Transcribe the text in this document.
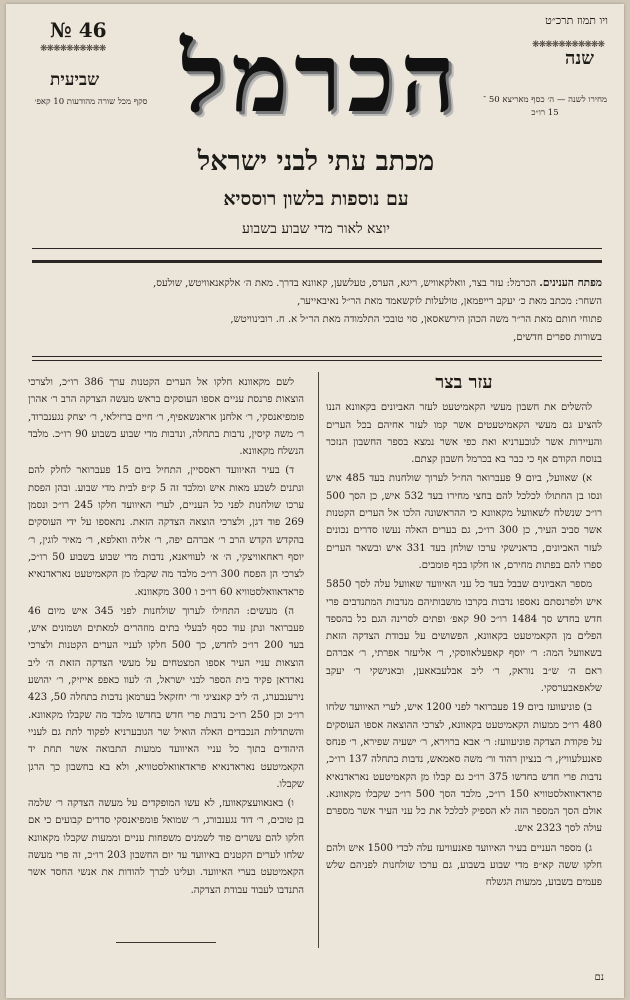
ויו תמוז תרכ״ט
№ 46
❋❋❋❋❋❋❋❋❋❋	❋❋❋❋❋❋❋❋❋❋❋
שנה
מחירו לשנה — ה׳ כסף מאריצא 50 ־ 15 רו״כ
שביעית
סקף מכל שורה מהודעות 10 קאפ׳ הכרמל
מכתב עתי לבני ישראל
עם נוספות בלשון רוססיא
יוצא לאור מדי שבוע בשבוע
מפתח הענינים. הכרמל: עזר בצר, וואלקאוויש, ריגא, הערס, טעלשען, קאוונא בדרך. מאת ה׳ אלקאנאוויטש, שולעס,
השחר: מכתב מאת כ׳ יעקב רייפמאן, טולעלות לוקשאמד מאת הר״ל נאיבאייער,
פתוחי חותם מאת הר״ר משה הכהן הירשאסאן, סוי טובכי התלמודה מאת הר״ל א. ח. רובינוויטש,
בשורות ספרים חדשים,
עזר בצר

להשלים את חשבון מעשי הקאמיטעט לעזר האביונים בקאוונא הננו להציע גם מעשי הקאמיטעטים אשר קמו לעזר אחיהם בכל הערים והעיירות אשר לגובערניא ואת כפי אשר נמצא בספר החשבון הנזכר בנוסח הקודם אף כי כבר בא בכרמל חשבון קצתם.

א) שאוועל, ביום 9 פעברואר הח״ל לערוך שולחנות בעד 485 איש ונסו בן החתולו לכלכל להם בחצי מחירו בעד 532 איש, כן הסך 500 רו״כ שנשלח לשאוועל מקאוונא כי ההראשונה הלכו אל הערים הקטנות אשר סביב העיר, כן 300 רו״כ, גם בערים האלה נעשו סדרים נכונים לעזר האביונים, בדאנישקי ערכו שולחן בעד 331 איש ובשאר הערים ספרו להם בפתות מחירם, או חלקו בכף פומבים.

מספר האביונים שבבל בעד כל עני האיוועד שאוועל עלה לסך 5850 איש ולפרנסתם נאספו נדבות בקרבו מושבותיהם מנדבות המתנדבים פרי חדש בחדש סך 1484 רו״כ 90 קאפ׳ ופתים לסרינה הגם כל בהספד הפלים מן הקאמיטעט בקאוונא, הפשושים על עבודת הצדקה הזאת בשאוועל המה: ר׳ יוסף קאפעלאווסקי, ר׳ אליעזר אפרתי, ר׳ אברהם ראם ה׳ ש״ב נוראק, ר׳ ליב אבלעבאאען, ובאנישקי ר׳ יעקב שלאפאבערסקי.

ב) פוניעוועז ביום 19 פעברואר לפני 1200 איש, לערי האיוועד שלחו 480 רו״כ ממעות הקאמיטעט בקאוונא, לצרכי ההוצאה אספו העוסקים על פקודת הצדקה פוניעוועז: ר׳ אבא ברוירא, ר׳ ישעיה שפירא, ר׳ פנחס פאנעלעוויץ, ר׳ בנציון רהוד ור׳ משה סאמאש, נדבות בתחלה 137 רו״כ, נדבות פרי חדש בחדשו 375 רו״כ גם קבלו מן הקאמיטעט נאראדנאיא פראדאוואלסטוויא 150 רו״כ, מלבד הסך 500 רו״כ שקבלו מקאוונא. אולם הסך המספר הזה לא הספיק לכלכל את כל עני העיר אשר מספרם עולה לסך 2323 איש.

ג) מספר העניים בעיר האיוועד פאנעוויעז עלה לכדי 1500 איש ולהם חלקו ששה קא״פ מדי שבוע בשבוע, גם ערכו שולחנות לפניהם שלש פעמים בשבוע, ממעות הגשלח

לשם מקאוונא חלקו אל הערים הקטנות ערך 386 רו״כ, ולצרכי הוצאות פרנסת עניים אספו העוסקים בראש מעשה הצדקה הרב ר׳ אהרן פומפיאנסקי, ר׳ אלחנן אראנשאפיף, ר׳ חיים ברזילאי, ר׳ יצחק נגענברוד, ר׳ משה קיסין, נדבות בתחלה, ונדבות מדי שבוע בשבוע 90 רו״כ. מלבד הנשלח מקאוונא.

ד) בעיר האיוועד ראססיין, התחיל ביום 15 פעברואר לחלק להם ונתנים לשבע מאות איש ומלבד זה 5 ק״פ לבית מדי שבוע. ובהן הפסת ערכו שולחנות לפני כל העניים, לערי האיוועד חלקו 245 רו״כ ונסמן 269 פוד דגן, ולצרכי הוצאה הצדקה הזאת. נתאספו על ידי העוסקים בהקדש הקדש הרב ר׳ אברהם יפה, ר׳ אליה וואלפא, ר׳ מאיר לוגין, ר׳ יוסף ראחאוויצקי, ה׳ א׳ לעוויאנא, נדבות מדי שבוע בשבוע 50 רו״כ, לצרכי הן הפסח 300 רו״כ מלבד מה שקבלו מן הקאמיטעט נאראדנאיא פראדאוואלסטוויא 60 רו״כ ו 300 מקאוונא.

ה) מעשים: התחילו לערוך שולחנות לפני 345 איש מיום 46 פעברואר ונתן עוד כסף לבעלי בתים מוזהרים למאתים ושמונים איש, בעד 200 רו״כ לחדש, כך 500 חלקו לעניי הערים הקטנות ולצרכי הוצאות עניי העיר אספו המצטחים על מעשי הצדקה הזאת ה׳ ליב נארדאן פקיד בית הספר לבני ישראל, ה׳ לעוו כאפפ אייזיק, ר׳ יהושע נירענבערג, ה׳ ליב קאנציגי ור׳ יחזקאל בערמאן נדבות בתחלה 50, 423 רו״כ וכן 250 רו״כ נדבות פרי חדש בחדשו מלבד מה שקבלו מקאוונא. והשתדלות הנכבדים האלה הואיל שר הגובערניא לפקוד לתת גם לעניי היהודים בתוך כל עניי האיוועד ממעות התבואה אשר תחת יד הקאמיטעט נאראדנאיא פראדאוואלסטוויא, ולא בא בחשבון כך הרגן שקבלו.

ו) באנאוועצקאוועז, לא עשו המופקדים על מעשה הצדקה ר׳ שלמה בן טובים, ר׳ דוד נגענבורג, ר׳ שמואל פומפיאנסקי סדרים קבועים כי אם חלקו להם עשרים פוד לשמנים משפחות עניים וממעות שקבלו מקאוונא שלחו לערים הקטנים באיוועד עד יום החשבון 203 רו״כ, זה פרי מעשה הקאמיטעט בערי האיוועד. ועלינו לברך להודות את אנשי החסד אשר התנדבו לעבוד עבודת הצדקה.

נם
